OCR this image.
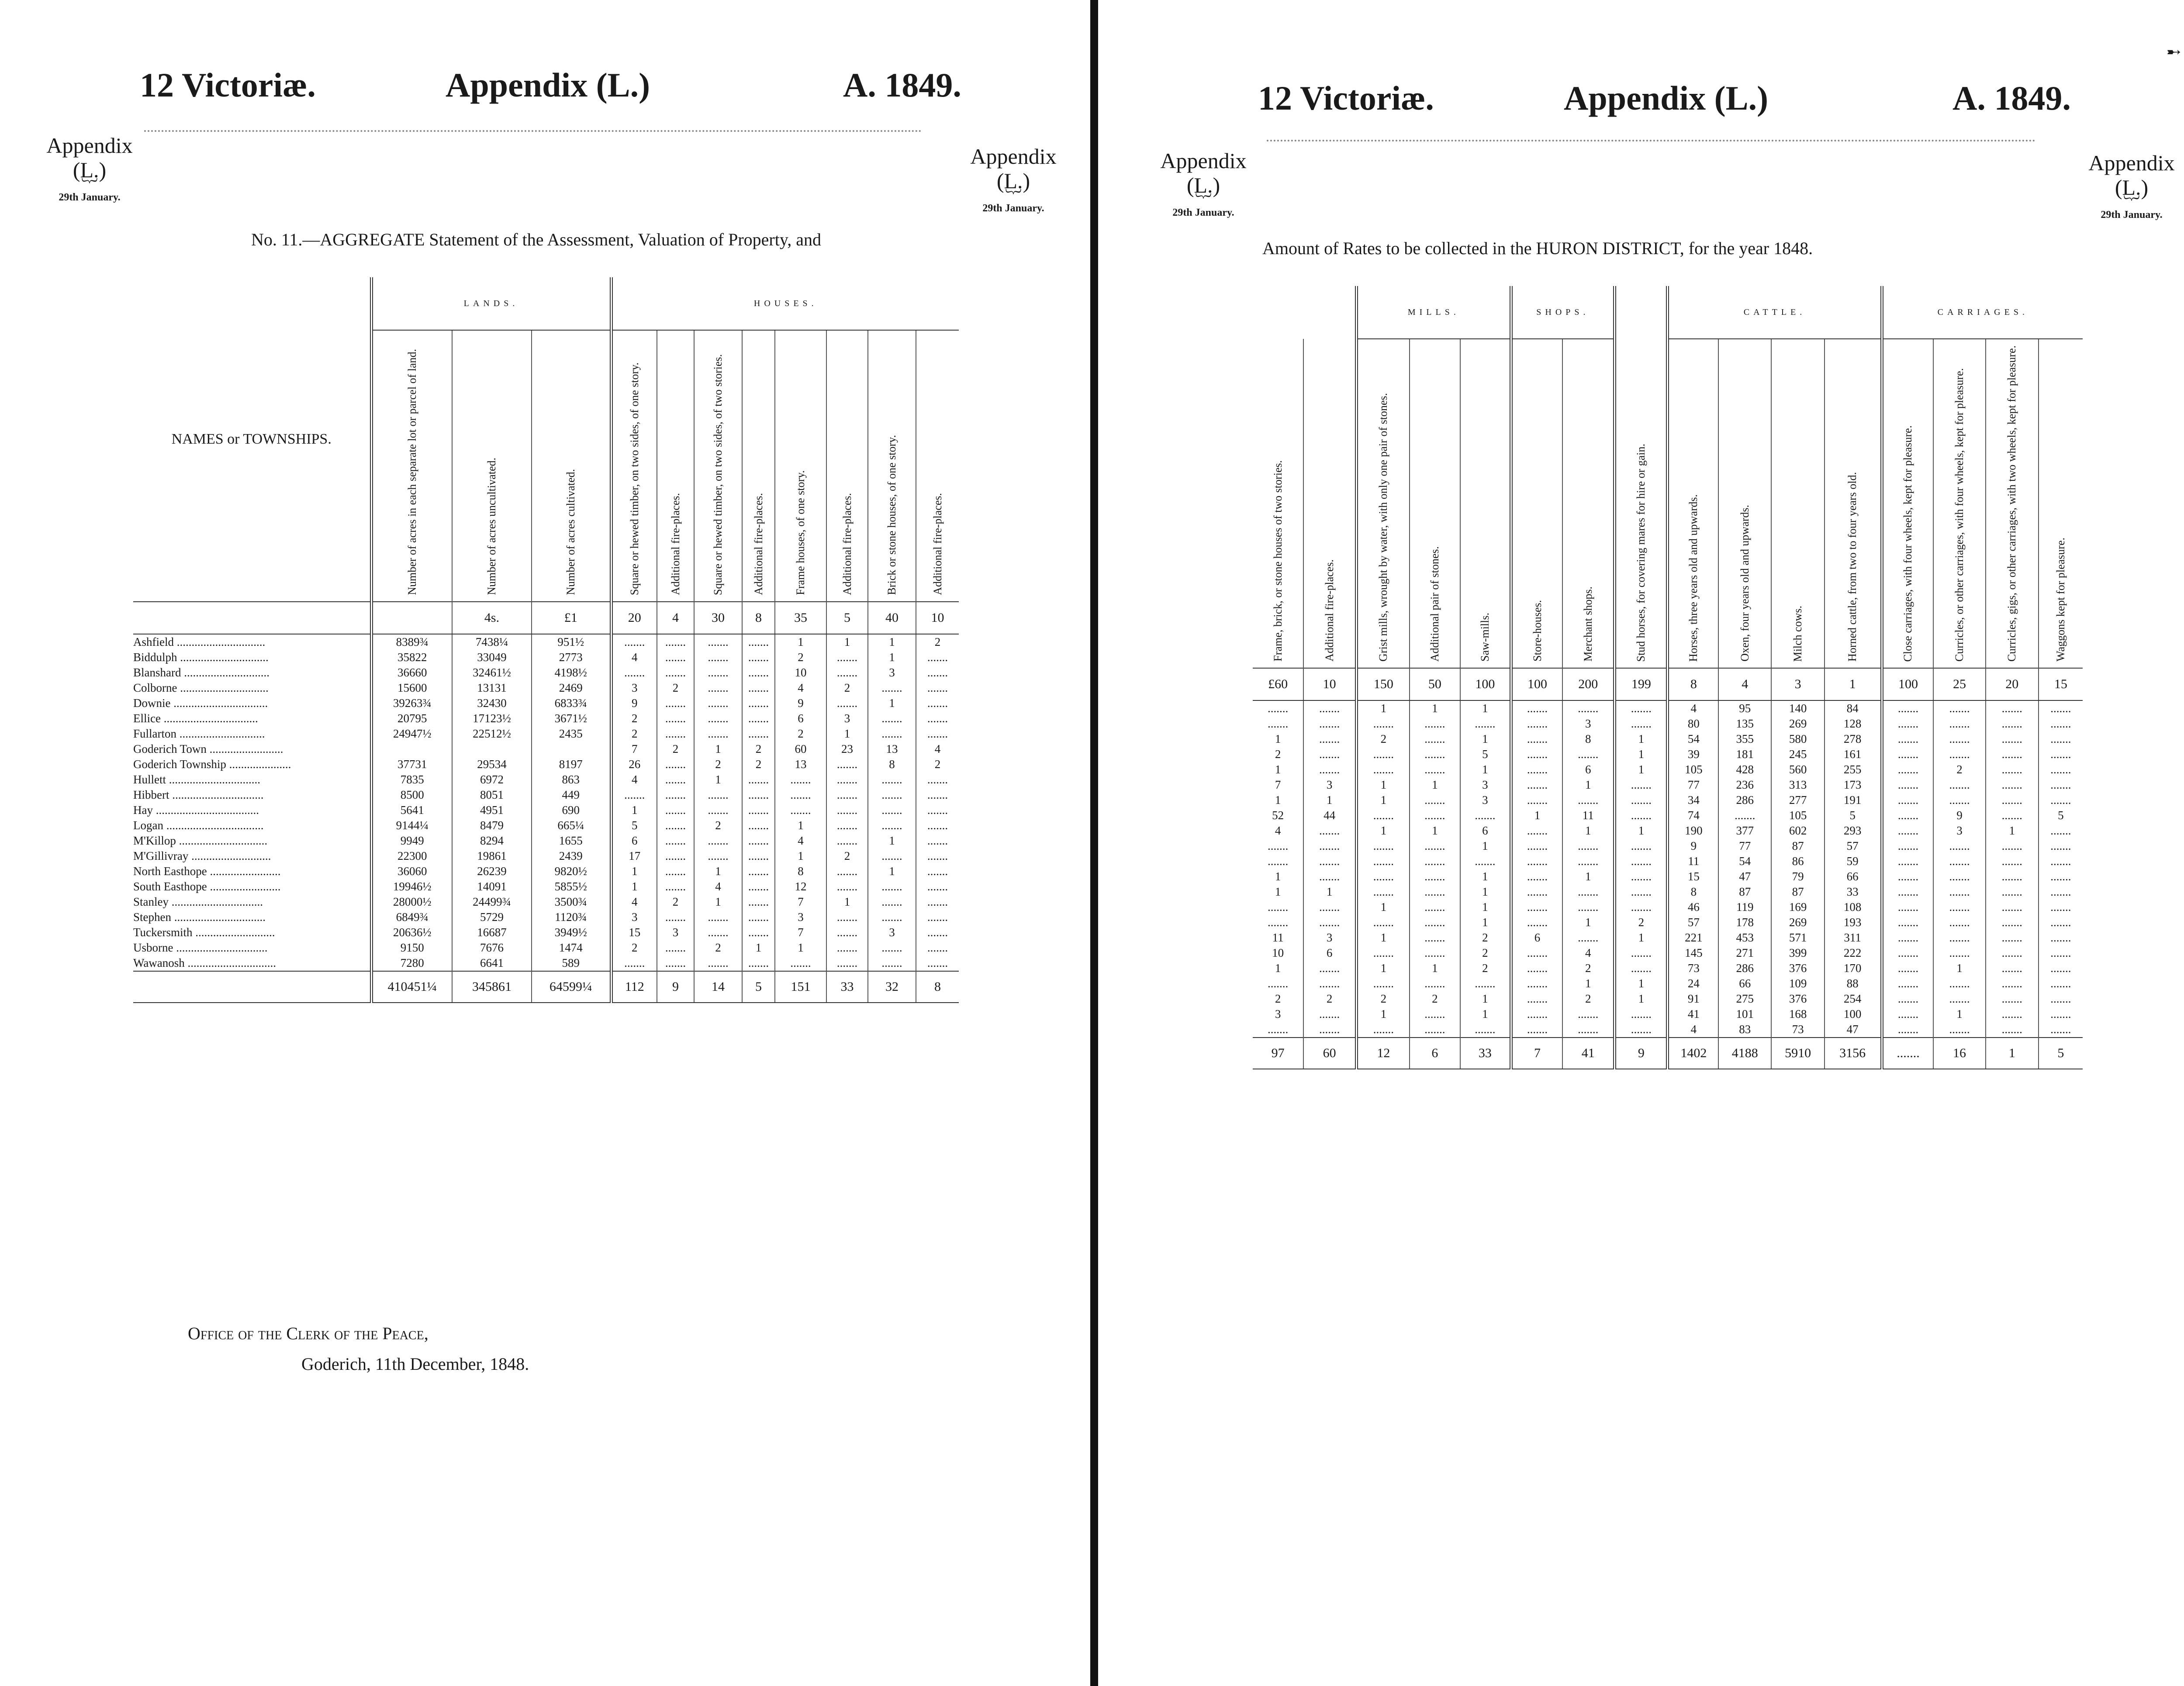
12 Victoriæ.	Appendix (L.)	A. 1849.
Appendix
(L.)
︸
29th January.
Appendix
(L.)
︸
29th January.
No. 11.—AGGREGATE Statement of the Assessment, Valuation of Property, and
NAMES or TOWNSHIPS.	LANDS.			HOUSES.							

	Number of acres in each separate lot or parcel of land.	Number of acres uncultivated.	Number of acres cultivated.	Square or hewed timber, on two sides, of one story.	Additional fire-places.	Square or hewed timber, on two sides, of two stories.	Additional fire-places.	Frame houses, of one story.	Additional fire-places.	Brick or stone houses, of one story.	Additional fire-places.

		4s.	£1	20	4	30	8	35	5	40	10
Ashfield ..............................	8389¾	7438¼	951½	.......	.......	.......	.......	1	1	1	2
Biddulph ..............................	35822	33049	2773	4	.......	.......	.......	2	.......	1	.......
Blanshard .............................	36660	32461½	4198½	.......	.......	.......	.......	10	.......	3	.......
Colborne ..............................	15600	13131	2469	3	2	.......	.......	4	2	.......	.......
Downie ................................	39263¾	32430	6833¾	9	.......	.......	.......	9	.......	1	.......
Ellice ................................	20795	17123½	3671½	2	.......	.......	.......	6	3	.......	.......
Fullarton .............................	24947½	22512½	2435	2	.......	.......	.......	2	1	.......	.......
Goderich Town .........................				7	2	1	2	60	23	13	4
Goderich Township .....................	37731	29534	8197	26	.......	2	2	13	.......	8	2
Hullett ...............................	7835	6972	863	4	.......	1	.......	.......	.......	.......	.......
Hibbert ...............................	8500	8051	449	.......	.......	.......	.......	.......	.......	.......	.......
Hay ...................................	5641	4951	690	1	.......	.......	.......	.......	.......	.......	.......
Logan .................................	9144¼	8479	665¼	5	.......	2	.......	1	.......	.......	.......
M'Killop ..............................	9949	8294	1655	6	.......	.......	.......	4	.......	1	.......
M'Gillivray ...........................	22300	19861	2439	17	.......	.......	.......	1	2	.......	.......
North Easthope ........................	36060	26239	9820½	1	.......	1	.......	8	.......	1	.......
South Easthope ........................	19946½	14091	5855½	1	.......	4	.......	12	.......	.......	.......
Stanley ...............................	28000½	24499¾	3500¾	4	2	1	.......	7	1	.......	.......
Stephen ...............................	6849¾	5729	1120¾	3	.......	.......	.......	3	.......	.......	.......
Tuckersmith ...........................	20636½	16687	3949½	15	3	.......	.......	7	.......	3	.......
Usborne ...............................	9150	7676	1474	2	.......	2	1	1	.......	.......	.......
Wawanosh ..............................	7280	6641	589	.......	.......	.......	.......	.......	.......	.......	.......
	410451¼	345861	64599¼	112	9	14	5	151	33	32	8
Office of the Clerk of the Peace,
Goderich, 11th December, 1848.
12 Victoriæ.	Appendix (L.)	A. 1849.
Appendix
(L.)
︸
29th January.
Appendix
(L.)
︸
29th January.
Amount of Rates to be collected in the HURON DISTRICT, for the year 1848.
		MILLS.			SHOPS.			CATTLE.				CARRIAGES.			

Frame, brick, or stone houses of two stories.	Additional fire-places.	Grist mills, wrought by water, with only one pair of stones.	Additional pair of stones.	Saw-mills.	Store-houses.	Merchant shops.	Stud horses, for covering mares for hire or gain.	Horses, three years old and upwards.	Oxen, four years old and upwards.	Milch cows.	Horned cattle, from two to four years old.	Close carriages, with four wheels, kept for pleasure.	Curricles, or other carriages, with four wheels, kept for pleasure.	Curricles, gigs, or other carriages, with two wheels, kept for pleasure.	Waggons kept for pleasure.

£60	10	150	50	100	100	200	199	8	4	3	1	100	25	20	15
.......	.......	1	1	1	.......	.......	.......	4	95	140	84	.......	.......	.......	.......
.......	.......	.......	.......	.......	.......	3	.......	80	135	269	128	.......	.......	.......	.......
1	.......	2	.......	1	.......	8	1	54	355	580	278	.......	.......	.......	.......
2	.......	.......	.......	5	.......	.......	1	39	181	245	161	.......	.......	.......	.......
1	.......	.......	.......	1	.......	6	1	105	428	560	255	.......	2	.......	.......
7	3	1	1	3	.......	1	.......	77	236	313	173	.......	.......	.......	.......
1	1	1	.......	3	.......	.......	.......	34	286	277	191	.......	.......	.......	.......
52	44	.......	.......	.......	1	11	.......	74	.......	105	5	.......	9	.......	5
4	.......	1	1	6	.......	1	1	190	377	602	293	.......	3	1	.......
.......	.......	.......	.......	1	.......	.......	.......	9	77	87	57	.......	.......	.......	.......
.......	.......	.......	.......	.......	.......	.......	.......	11	54	86	59	.......	.......	.......	.......
1	.......	.......	.......	1	.......	1	.......	15	47	79	66	.......	.......	.......	.......
1	1	.......	.......	1	.......	.......	.......	8	87	87	33	.......	.......	.......	.......
.......	.......	1	.......	1	.......	.......	.......	46	119	169	108	.......	.......	.......	.......
.......	.......	.......	.......	1	.......	1	2	57	178	269	193	.......	.......	.......	.......
11	3	1	.......	2	6	.......	1	221	453	571	311	.......	.......	.......	.......
10	6	.......	.......	2	.......	4	.......	145	271	399	222	.......	.......	.......	.......
1	.......	1	1	2	.......	2	.......	73	286	376	170	.......	1	.......	.......
.......	.......	.......	.......	.......	.......	1	1	24	66	109	88	.......	.......	.......	.......
2	2	2	2	1	.......	2	1	91	275	376	254	.......	.......	.......	.......
3	.......	1	.......	1	.......	.......	.......	41	101	168	100	.......	1	.......	.......
.......	.......	.......	.......	.......	.......	.......	.......	4	83	73	47	.......	.......	.......	.......
97	60	12	6	33	7	41	9	1402	4188	5910	3156	.......	16	1	5
➸
